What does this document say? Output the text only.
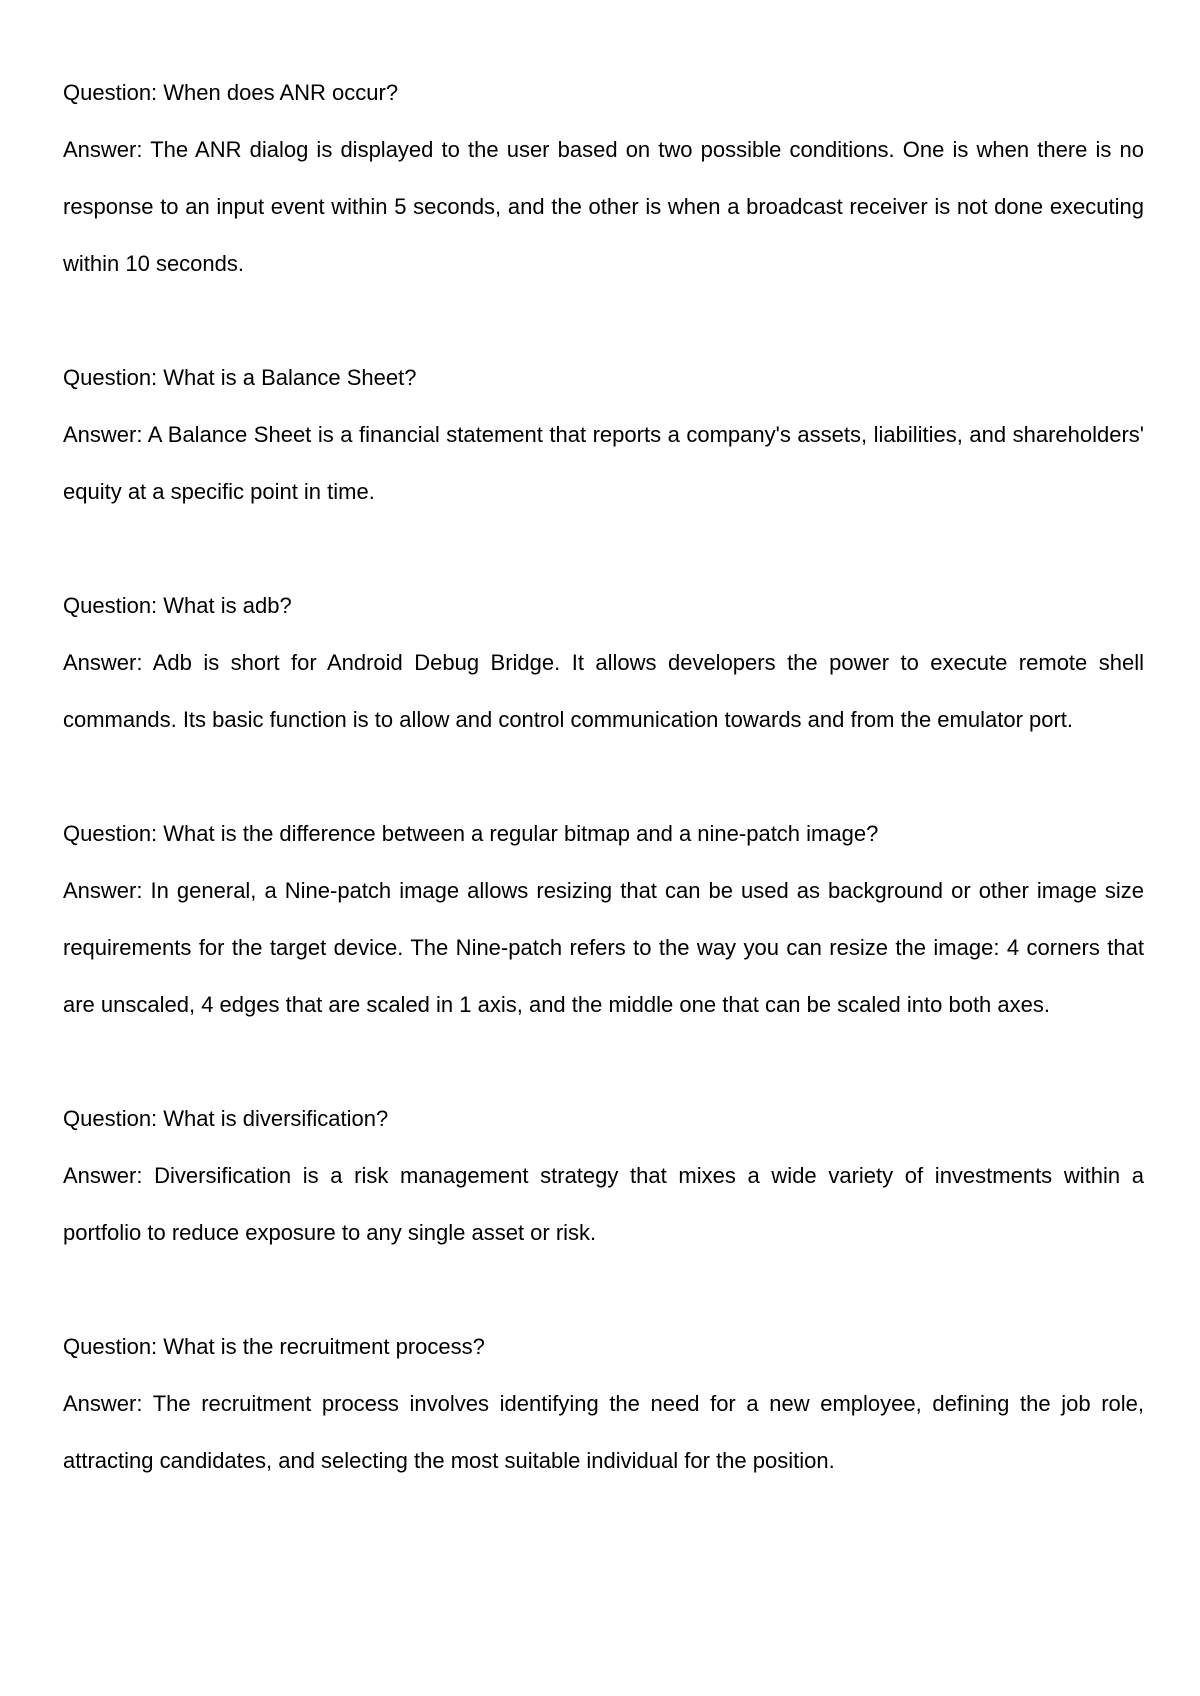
Question: When does ANR occur?

Answer: The ANR dialog is displayed to the user based on two possible conditions. One is when there is no response to an input event within 5 seconds, and the other is when a broadcast receiver is not done executing within 10 seconds.

Question: What is a Balance Sheet?

Answer: A Balance Sheet is a financial statement that reports a company's assets, liabilities, and shareholders' equity at a specific point in time.

Question: What is adb?

Answer: Adb is short for Android Debug Bridge. It allows developers the power to execute remote shell commands. Its basic function is to allow and control communication towards and from the emulator port.

Question: What is the difference between a regular bitmap and a nine-patch image?

Answer: In general, a Nine-patch image allows resizing that can be used as background or other image size requirements for the target device. The Nine-patch refers to the way you can resize the image: 4 corners that are unscaled, 4 edges that are scaled in 1 axis, and the middle one that can be scaled into both axes.

Question: What is diversification?

Answer: Diversification is a risk management strategy that mixes a wide variety of investments within a portfolio to reduce exposure to any single asset or risk.

Question: What is the recruitment process?

Answer: The recruitment process involves identifying the need for a new employee, defining the job role, attracting candidates, and selecting the most suitable individual for the position.
